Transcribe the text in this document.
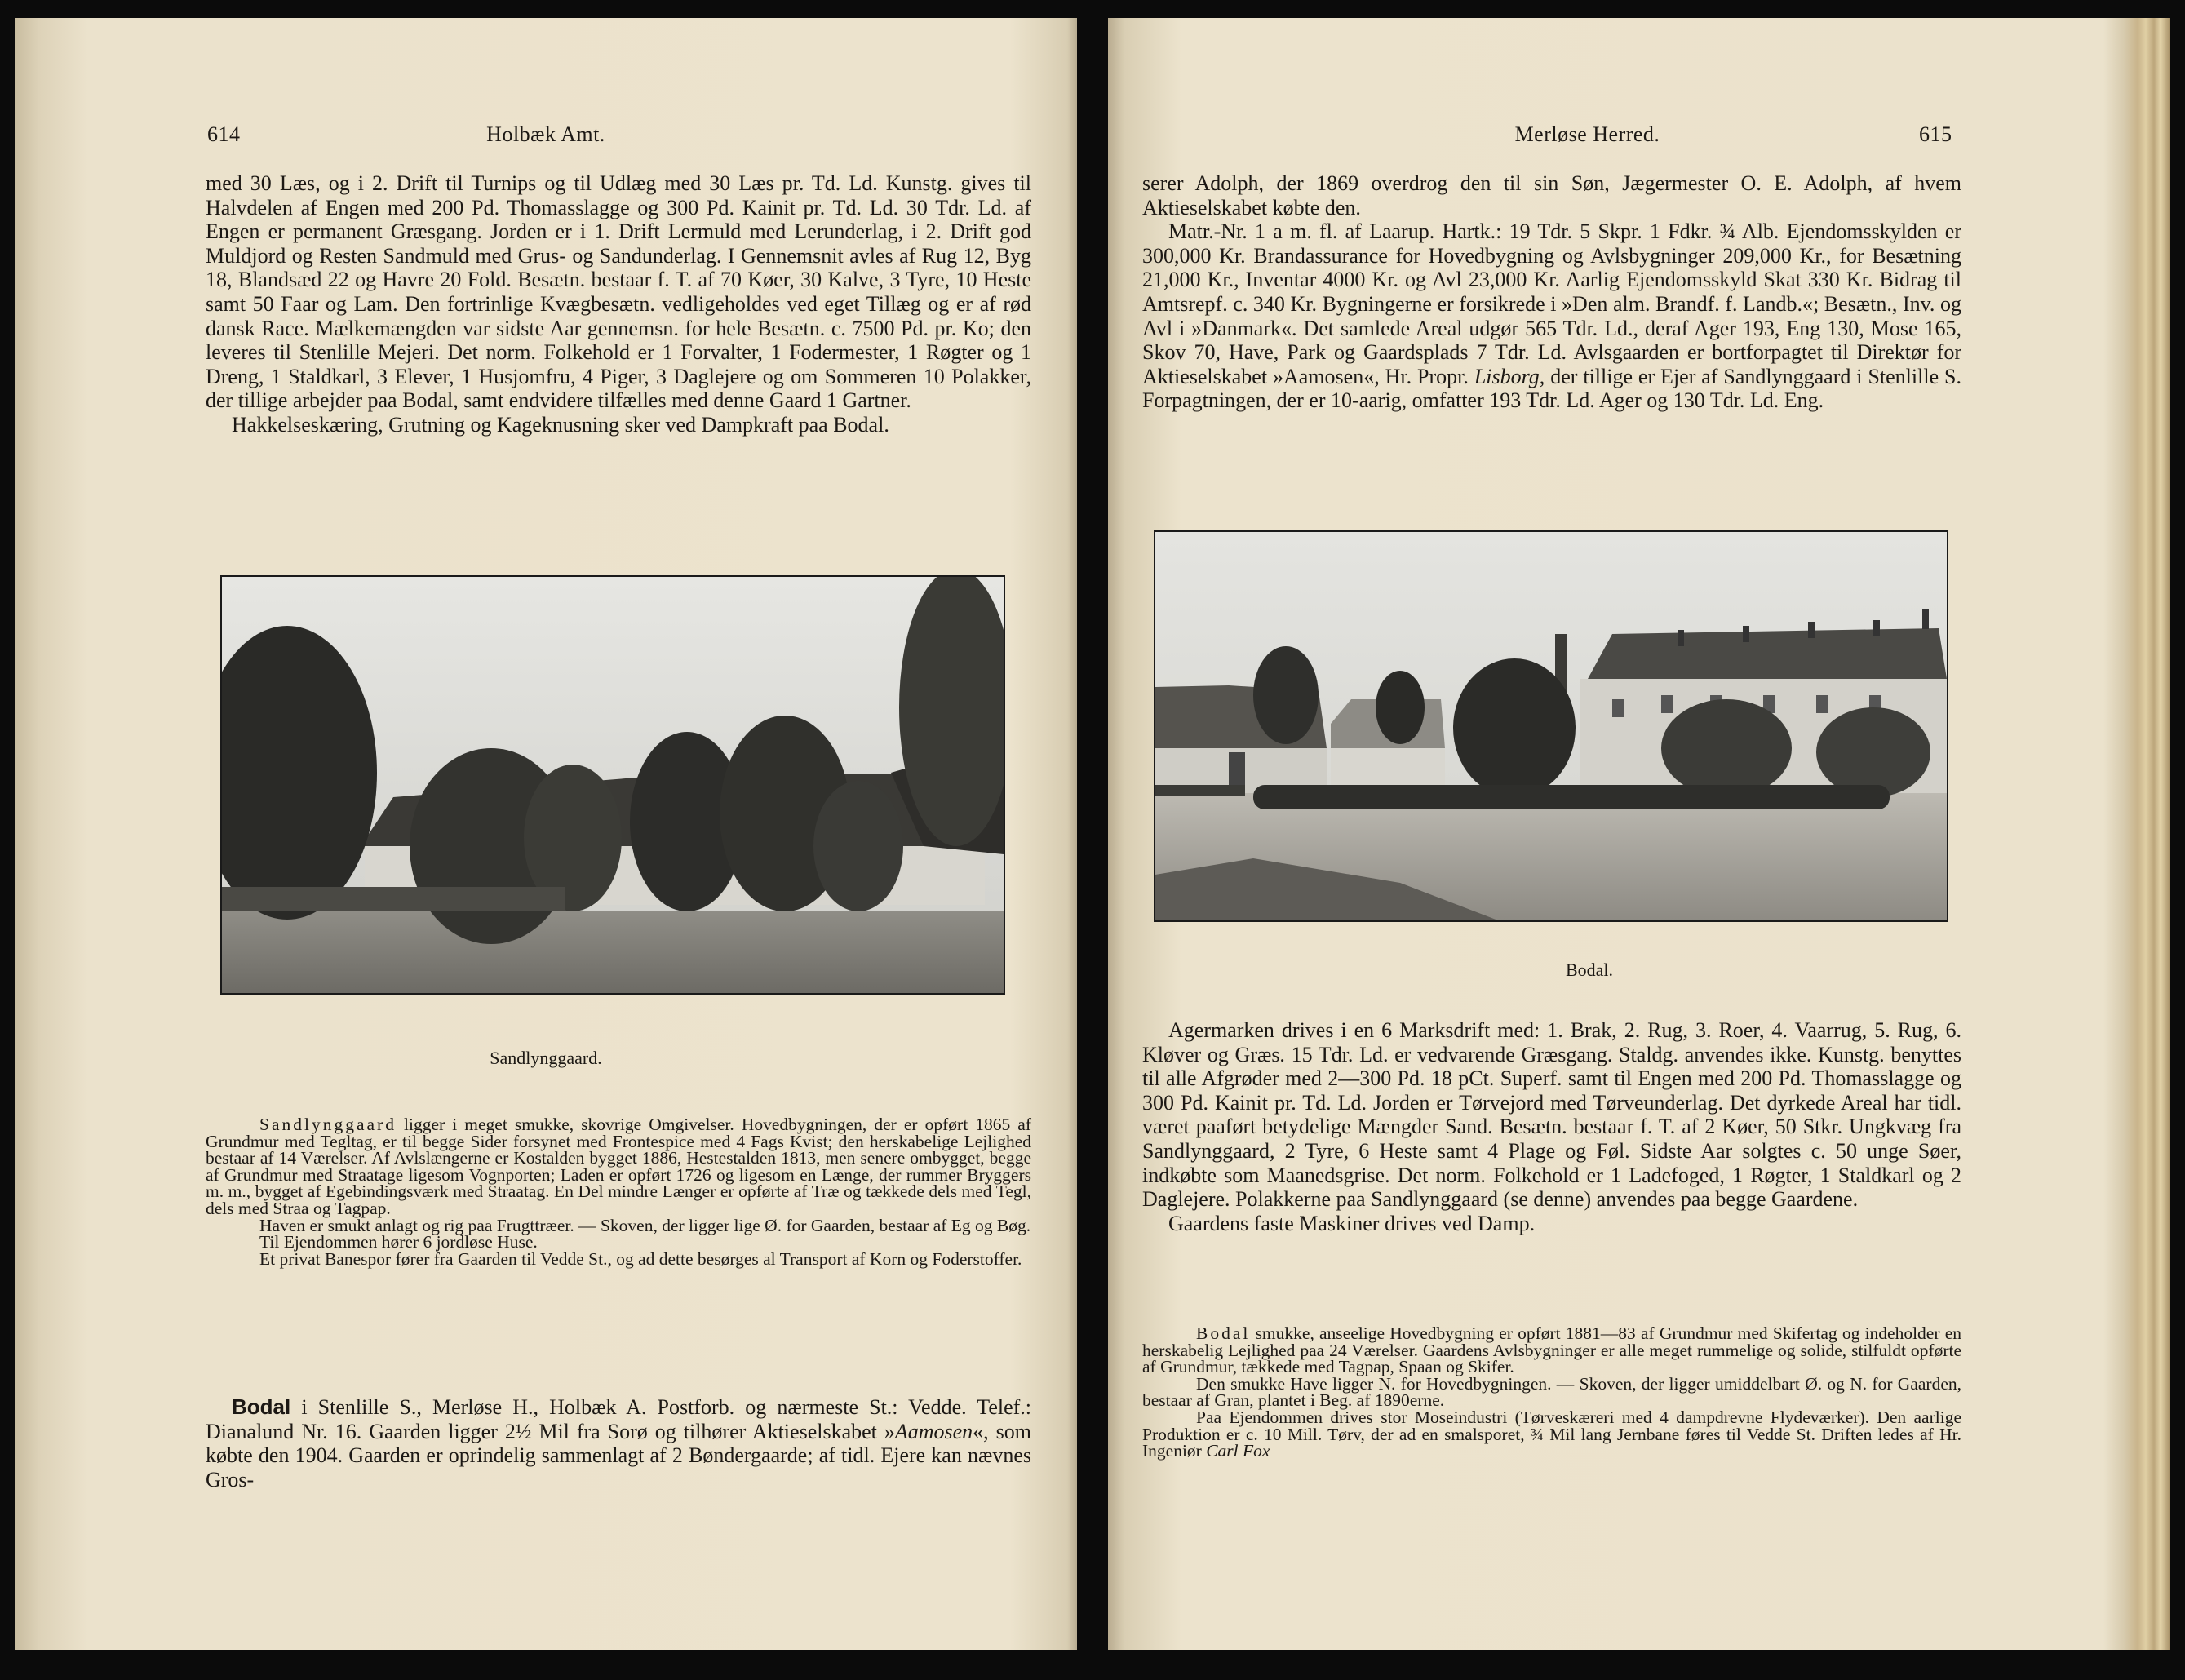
614	Holbæk Amt.

med 30 Læs, og i 2. Drift til Turnips og til Udlæg med 30 Læs pr. Td. Ld. Kunstg. gives til Halvdelen af Engen med 200 Pd. Thomasslagge og 300 Pd. Kainit pr. Td. Ld. 30 Tdr. Ld. af Engen er permanent Græsgang. Jorden er i 1. Drift Lermuld med Lerunderlag, i 2. Drift god Muldjord og Resten Sandmuld med Grus- og Sandunderlag. I Gennemsnit avles af Rug 12, Byg 18, Blandsæd 22 og Havre 20 Fold. Besætn. bestaar f. T. af 70 Køer, 30 Kalve, 3 Tyre, 10 Heste samt 50 Faar og Lam. Den fortrinlige Kvægbesætn. vedligeholdes ved eget Tillæg og er af rød dansk Race. Mælkemængden var sidste Aar gennemsn. for hele Besætn. c. 7500 Pd. pr. Ko; den leveres til Stenlille Mejeri. Det norm. Folkehold er 1 Forvalter, 1 Fodermester, 1 Røgter og 1 Dreng, 1 Staldkarl, 3 Elever, 1 Husjomfru, 4 Piger, 3 Daglejere og om Sommeren 10 Polakker, der tillige arbejder paa Bodal, samt endvidere tilfælles med denne Gaard 1 Gartner.

Hakkelseskæring, Grutning og Kageknusning sker ved Dampkraft paa Bodal.

Sandlynggaard.

Sandlynggaard ligger i meget smukke, skovrige Omgivelser. Hovedbygningen, der er opført 1865 af Grundmur med Tegltag, er til begge Sider forsynet med Frontespice med 4 Fags Kvist; den herskabelige Lejlighed bestaar af 14 Værelser. Af Avlslængerne er Kostalden bygget 1886, Hestestalden 1813, men senere ombygget, begge af Grundmur med Straatage ligesom Vognporten; Laden er opført 1726 og ligesom en Længe, der rummer Bryggers m. m., bygget af Egebindingsværk med Straatag. En Del mindre Længer er opførte af Træ og tækkede dels med Tegl, dels med Straa og Tagpap.

Haven er smukt anlagt og rig paa Frugttræer. — Skoven, der ligger lige Ø. for Gaarden, bestaar af Eg og Bøg.

Til Ejendommen hører 6 jordløse Huse.

Et privat Banespor fører fra Gaarden til Vedde St., og ad dette besørges al Transport af Korn og Foderstoffer.

Bodal i Stenlille S., Merløse H., Holbæk A. Postforb. og nærmeste St.: Vedde. Telef.: Dianalund Nr. 16. Gaarden ligger 2½ Mil fra Sorø og tilhører Aktieselskabet »Aamosen«, som købte den 1904. Gaarden er oprindelig sammenlagt af 2 Bøndergaarde; af tidl. Ejere kan nævnes Gros-

Merløse Herred.	615

serer Adolph, der 1869 overdrog den til sin Søn, Jægermester O. E. Adolph, af hvem Aktieselskabet købte den.

Matr.-Nr. 1 a m. fl. af Laarup. Hartk.: 19 Tdr. 5 Skpr. 1 Fdkr. ¾ Alb. Ejendomsskylden er 300,000 Kr. Brandassurance for Hovedbygning og Avlsbygninger 209,000 Kr., for Besætning 21,000 Kr., Inventar 4000 Kr. og Avl 23,000 Kr. Aarlig Ejendomsskyld Skat 330 Kr. Bidrag til Amtsrepf. c. 340 Kr. Bygningerne er forsikrede i »Den alm. Brandf. f. Landb.«; Besætn., Inv. og Avl i »Danmark«. Det samlede Areal udgør 565 Tdr. Ld., deraf Ager 193, Eng 130, Mose 165, Skov 70, Have, Park og Gaardsplads 7 Tdr. Ld. Avlsgaarden er bortforpagtet til Direktør for Aktieselskabet »Aamosen«, Hr. Propr. Lisborg, der tillige er Ejer af Sandlynggaard i Stenlille S. Forpagtningen, der er 10-aarig, omfatter 193 Tdr. Ld. Ager og 130 Tdr. Ld. Eng.

Bodal.

Agermarken drives i en 6 Marksdrift med: 1. Brak, 2. Rug, 3. Roer, 4. Vaarrug, 5. Rug, 6. Kløver og Græs. 15 Tdr. Ld. er vedvarende Græsgang. Staldg. anvendes ikke. Kunstg. benyttes til alle Afgrøder med 2—300 Pd. 18 pCt. Superf. samt til Engen med 200 Pd. Thomasslagge og 300 Pd. Kainit pr. Td. Ld. Jorden er Tørvejord med Tørveunderlag. Det dyrkede Areal har tidl. været paaført betydelige Mængder Sand. Besætn. bestaar f. T. af 2 Køer, 50 Stkr. Ungkvæg fra Sandlynggaard, 2 Tyre, 6 Heste samt 4 Plage og Føl. Sidste Aar solgtes c. 50 unge Søer, indkøbte som Maanedsgrise. Det norm. Folkehold er 1 Ladefoged, 1 Røgter, 1 Staldkarl og 2 Daglejere. Polakkerne paa Sandlynggaard (se denne) anvendes paa begge Gaardene.

Gaardens faste Maskiner drives ved Damp.

Bodal smukke, anseelige Hovedbygning er opført 1881—83 af Grundmur med Skifertag og indeholder en herskabelig Lejlighed paa 24 Værelser. Gaardens Avlsbygninger er alle meget rummelige og solide, stilfuldt opførte af Grundmur, tækkede med Tagpap, Spaan og Skifer.

Den smukke Have ligger N. for Hovedbygningen. — Skoven, der ligger umiddelbart Ø. og N. for Gaarden, bestaar af Gran, plantet i Beg. af 1890erne.

Paa Ejendommen drives stor Moseindustri (Tørveskæreri med 4 dampdrevne Flydeværker). Den aarlige Produktion er c. 10 Mill. Tørv, der ad en smalsporet, ¾ Mil lang Jernbane føres til Vedde St. Driften ledes af Hr. Ingeniør Carl Fox
